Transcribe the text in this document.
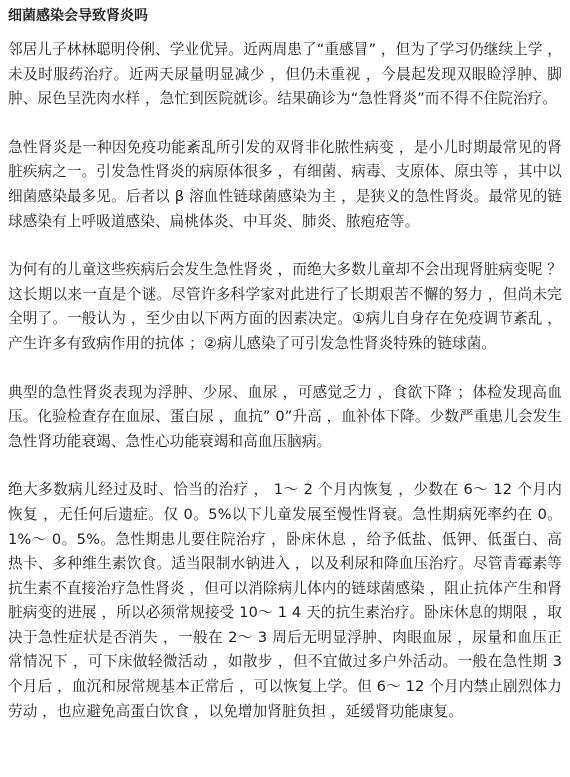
细菌感染会导致肾炎吗

邻居儿子林林聪明伶俐、学业优异。近两周患了“重感冒” ，但为了学习仍继续上学 ，未及时服药治疗。近两天尿量明显减少 ，但仍未重视 ，今晨起发现双眼睑浮肿、脚肿、尿色呈洗肉水样 ，急忙到医院就诊。结果确诊为“急性肾炎”而不得不住院治疗。

急性肾炎是一种因免疫功能紊乱所引发的双肾非化脓性病变 ，是小儿时期最常见的肾脏疾病之一。引发急性肾炎的病原体很多 ，有细菌、病毒、支原体、原虫等 ，其中以细菌感染最多见。后者以 β 溶血性链球菌感染为主 ，是狭义的急性肾炎。最常见的链球感染有上呼吸道感染、扁桃体炎、中耳炎、肺炎、脓疱疮等。

为何有的儿童这些疾病后会发生急性肾炎 ，而绝大多数儿童却不会出现肾脏病变呢 ？这长期以来一直是个谜。尽管许多科学家对此进行了长期艰苦不懈的努力 ，但尚未完全明了。一般认为 ，至少由以下两方面的因素决定。①病儿自身存在免疫调节紊乱 ，产生许多有致病作用的抗体 ；②病儿感染了可引发急性肾炎特殊的链球菌。

典型的急性肾炎表现为浮肿、少尿、血尿 ，可感觉乏力 ，食欲下降 ；体检发现高血压。化验检查存在血尿、蛋白尿 ，血抗” 0”升高 ，血补体下降。少数严重患儿会发生急性肾功能衰竭、急性心功能衰竭和高血压脑病。

绝大多数病儿经过及时、恰当的治疗 ， 1～ 2 个月内恢复 ，少数在 6～ 12 个月内恢复 ，无任何后遗症。仅 0。5%以下儿童发展至慢性肾衰。急性期病死率约在 0。1%～ 0。5%。急性期患儿要住院治疗 ，卧床休息 ，给予低盐、低钾、低蛋白、高热卡、多种维生素饮食。适当限制水钠进入 ，以及利尿和降血压治疗。尽管青霉素等抗生素不直接治疗急性肾炎 ，但可以消除病儿体内的链球菌感染 ，阻止抗体产生和肾脏病变的进展 ，所以必须常规接受 10～ 1 4 天的抗生素治疗。卧床休息的期限 ，取决于急性症状是否消失 ，一般在 2～ 3 周后无明显浮肿、肉眼血尿 ，尿量和血压正常情况下 ，可下床做轻微活动 ，如散步 ，但不宜做过多户外活动。一般在急性期 3 个月后 ，血沉和尿常规基本正常后 ，可以恢复上学。但 6～ 12 个月内禁止剧烈体力劳动 ，也应避免高蛋白饮食 ，以免增加肾脏负担 ，延缓肾功能康复。
